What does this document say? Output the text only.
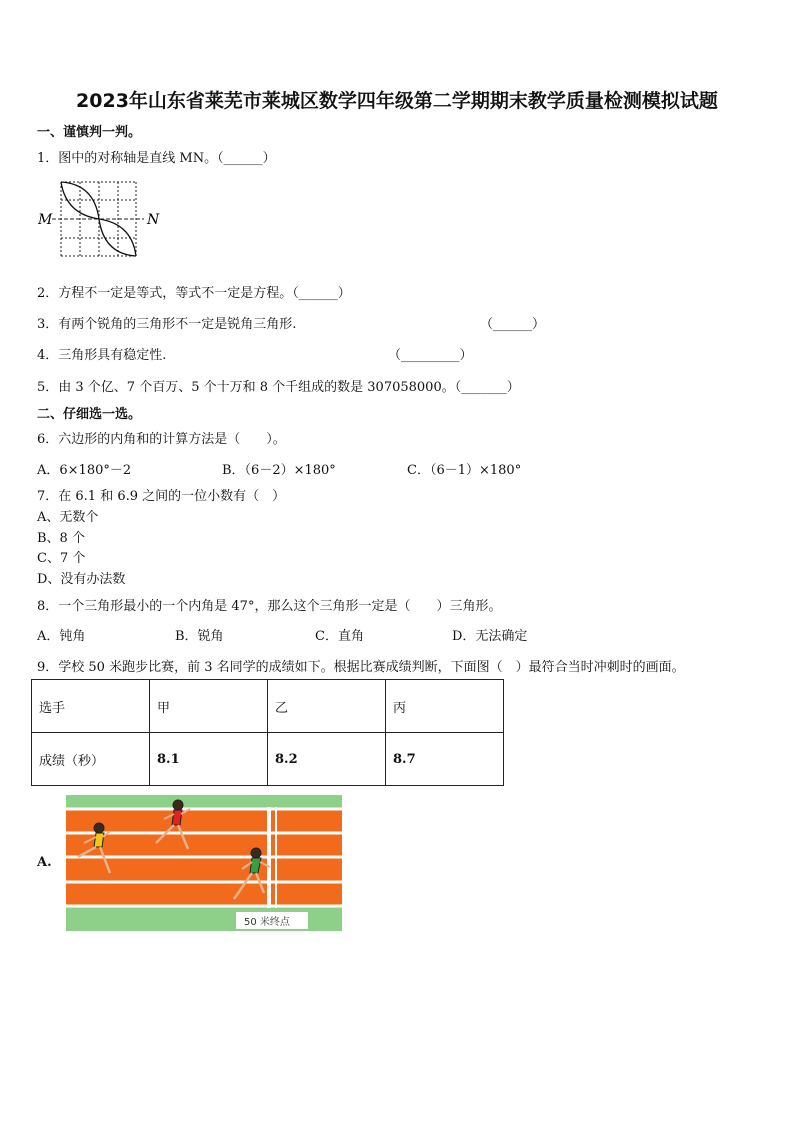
2023年山东省莱芜市莱城区数学四年级第二学期期末教学质量检测模拟试题
一、谨慎判一判。
1．图中的对称轴是直线 MN。（______）
M	N
2．方程不一定是等式，等式不一定是方程。（______）
3．有两个锐角的三角形不一定是锐角三角形.	（______）
4．三角形具有稳定性.	（_________）
5．由 3 个亿、7 个百万、5 个十万和 8 个千组成的数是 307058000。（_______）
二、仔细选一选。
6．六边形的内角和的计算方法是（　　）。
A．6×180°－2	B．（6－2）×180°	C．（6－1）×180°
7．在 6.1 和 6.9 之间的一位小数有（　）
A、无数个
B、8 个
C、7 个
D、没有办法数
8．一个三角形最小的一个内角是 47°，那么这个三角形一定是（　　）三角形。
A．钝角	B．锐角	C．直角	D．无法确定
9．学校 50 米跑步比赛，前 3 名同学的成绩如下。根据比赛成绩判断，下面图（　）最符合当时冲刺时的画面。
选手	甲	乙	丙
成绩（秒）	8.1	8.2	8.7
A.
50 米终点
